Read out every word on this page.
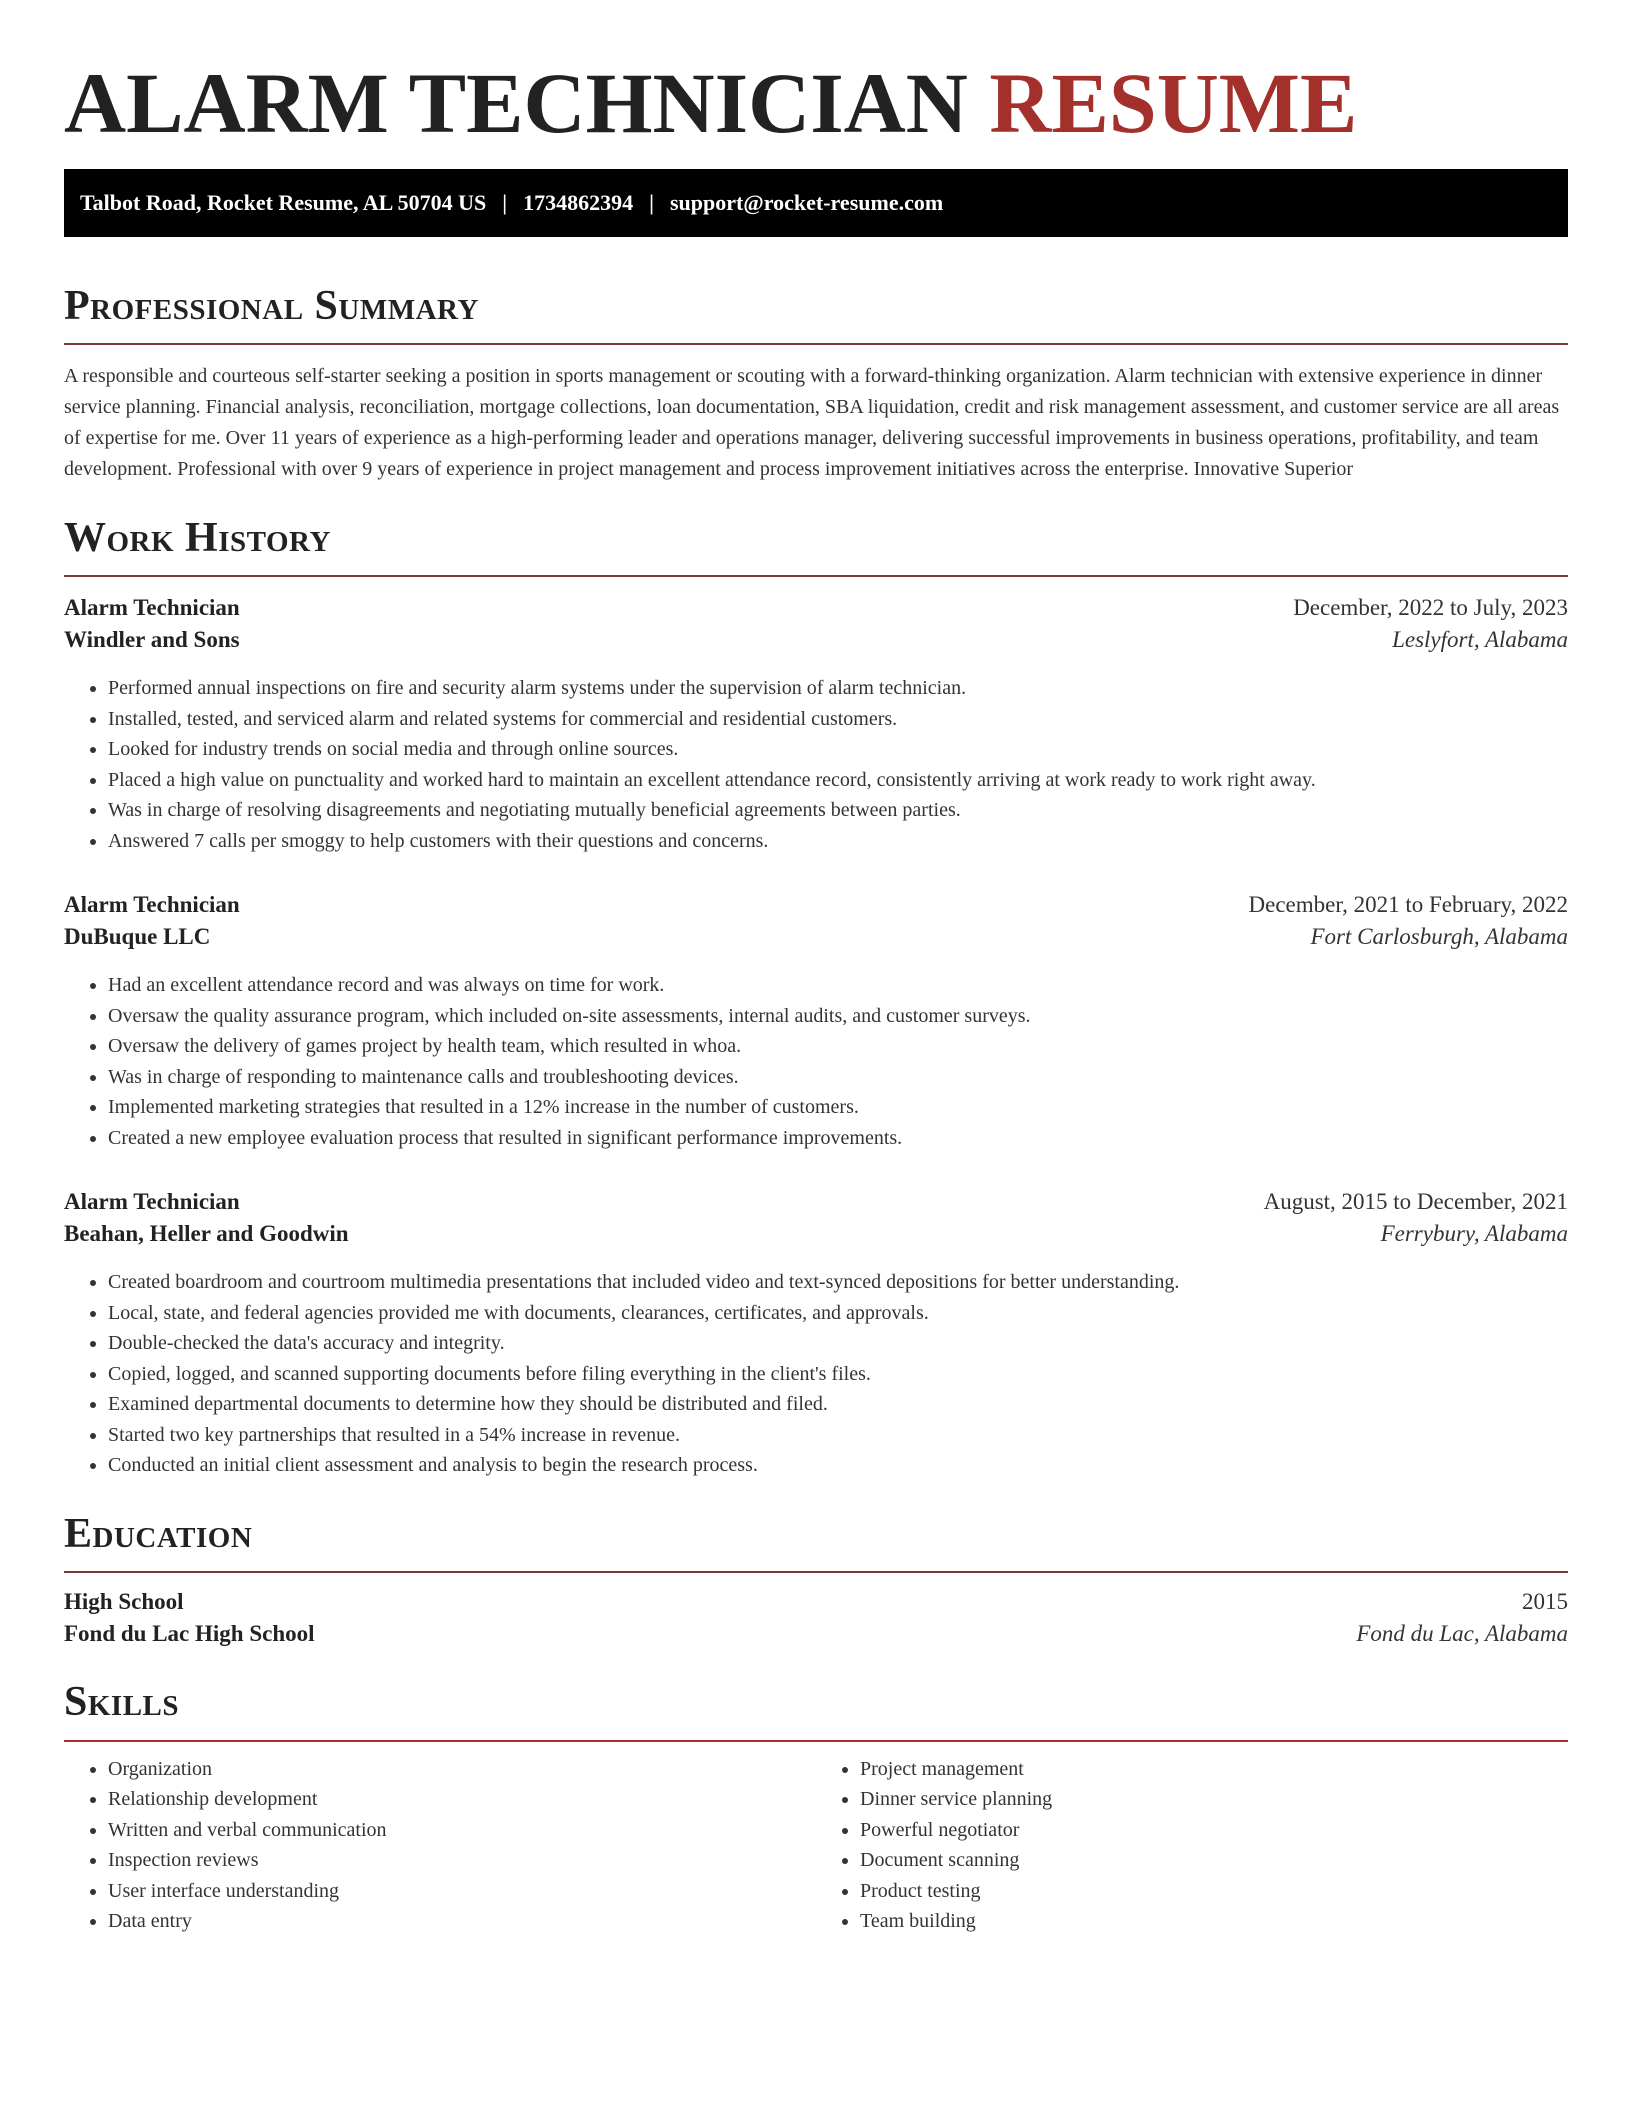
ALARM TECHNICIAN RESUME
Talbot Road, Rocket Resume, AL 50704 US | 1734862394 | support@rocket-resume.com
Professional Summary

A responsible and courteous self-starter seeking a position in sports management or scouting with a forward-thinking organization. Alarm technician with extensive experience in dinner service planning. Financial analysis, reconciliation, mortgage collections, loan documentation, SBA liquidation, credit and risk management assessment, and customer service are all areas of expertise for me. Over 11 years of experience as a high-performing leader and operations manager, delivering successful improvements in business operations, profitability, and team development. Professional with over 9 years of experience in project management and process improvement initiatives across the enterprise. Innovative Superior

Work History
Alarm Technician	December, 2022 to July, 2023
Windler and Sons	Leslyfort, Alabama
• Performed annual inspections on fire and security alarm systems under the supervision of alarm technician.
• Installed, tested, and serviced alarm and related systems for commercial and residential customers.
• Looked for industry trends on social media and through online sources.
• Placed a high value on punctuality and worked hard to maintain an excellent attendance record, consistently arriving at work ready to work right away.
• Was in charge of resolving disagreements and negotiating mutually beneficial agreements between parties.
• Answered 7 calls per smoggy to help customers with their questions and concerns.
Alarm Technician	December, 2021 to February, 2022
DuBuque LLC	Fort Carlosburgh, Alabama
• Had an excellent attendance record and was always on time for work.
• Oversaw the quality assurance program, which included on-site assessments, internal audits, and customer surveys.
• Oversaw the delivery of games project by health team, which resulted in whoa.
• Was in charge of responding to maintenance calls and troubleshooting devices.
• Implemented marketing strategies that resulted in a 12% increase in the number of customers.
• Created a new employee evaluation process that resulted in significant performance improvements.
Alarm Technician	August, 2015 to December, 2021
Beahan, Heller and Goodwin	Ferrybury, Alabama
• Created boardroom and courtroom multimedia presentations that included video and text-synced depositions for better understanding.
• Local, state, and federal agencies provided me with documents, clearances, certificates, and approvals.
• Double-checked the data's accuracy and integrity.
• Copied, logged, and scanned supporting documents before filing everything in the client's files.
• Examined departmental documents to determine how they should be distributed and filed.
• Started two key partnerships that resulted in a 54% increase in revenue.
• Conducted an initial client assessment and analysis to begin the research process.
Education
High School	2015
Fond du Lac High School	Fond du Lac, Alabama
Skills
• Organization
• Relationship development
• Written and verbal communication
• Inspection reviews
• User interface understanding
• Data entry
• Project management
• Dinner service planning
• Powerful negotiator
• Document scanning
• Product testing
• Team building
